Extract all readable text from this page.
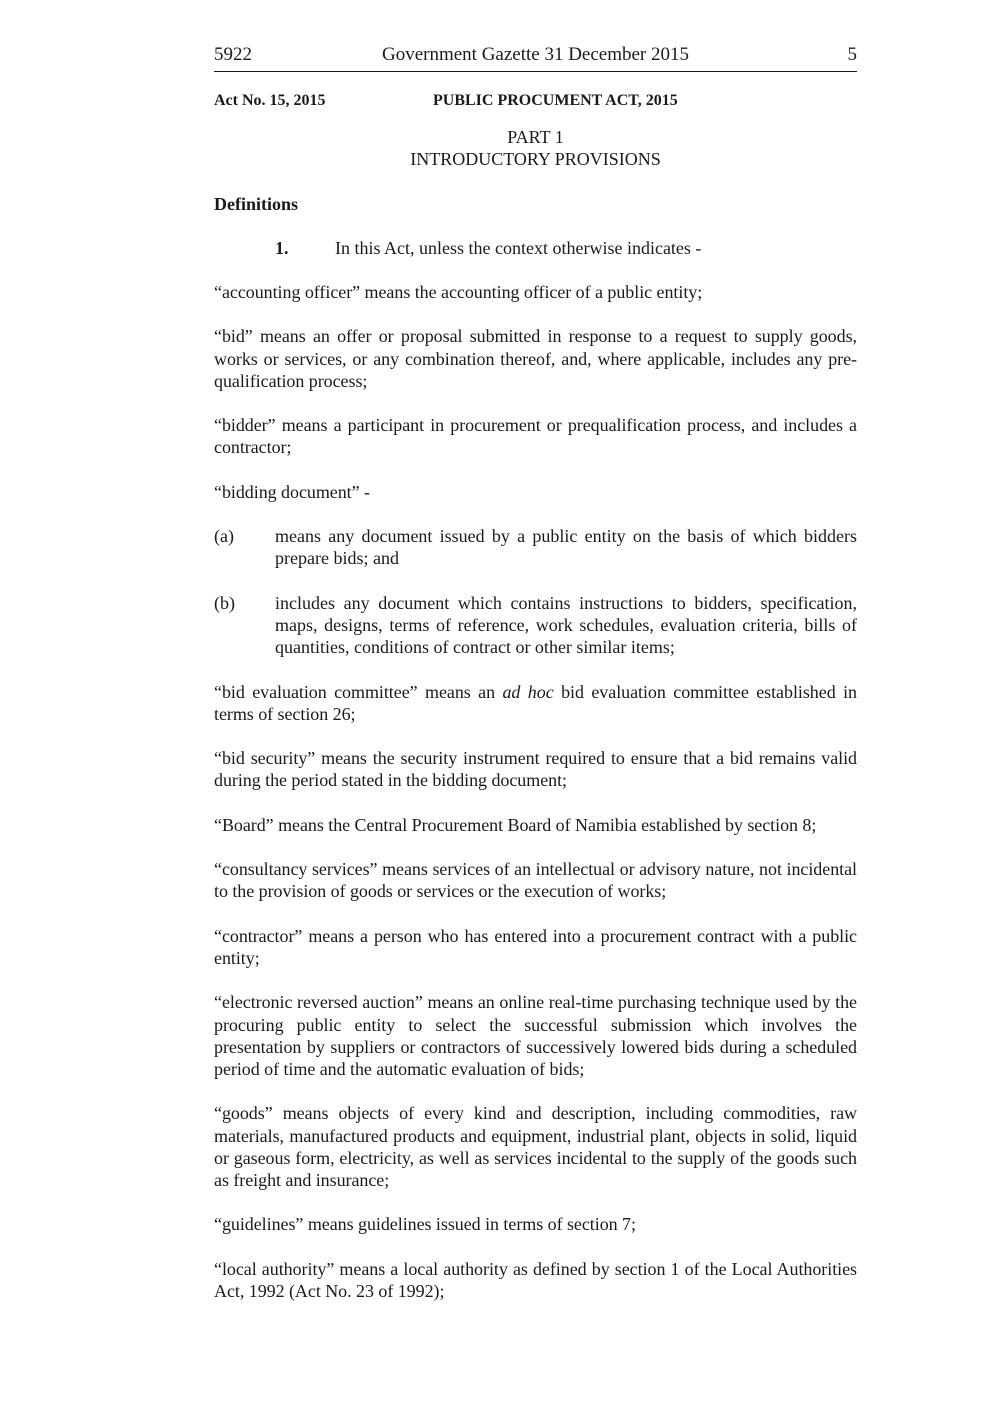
5922	Government Gazette 31 December 2015	5
Act No. 15, 2015	PUBLIC PROCUMENT ACT, 2015
PART 1
INTRODUCTORY PROVISIONS
Definitions
1.	In this Act, unless the context otherwise indicates -

“accounting officer” means the accounting officer of a public entity;

“bid” means an offer or proposal submitted in response to a request to supply goods, works or services, or any combination thereof, and, where applicable, includes any pre-qualification process;

“bidder” means a participant in procurement or prequalification process, and includes a contractor;

“bidding document” -

(a) means any document issued by a public entity on the basis of which bidders prepare bids; and
(b) includes any document which contains instructions to bidders, specification, maps, designs, terms of reference, work schedules, evaluation criteria, bills of quantities, conditions of contract or other similar items;

“bid evaluation committee” means an ad hoc bid evaluation committee established in terms of section 26;

“bid security” means the security instrument required to ensure that a bid remains valid during the period stated in the bidding document;

“Board” means the Central Procurement Board of Namibia established by section 8;

“consultancy services” means services of an intellectual or advisory nature, not incidental to the provision of goods or services or the execution of works;

“contractor” means a person who has entered into a procurement contract with a public entity;

“electronic reversed auction” means an online real-time purchasing technique used by the procuring public entity to select the successful submission which involves the presentation by suppliers or contractors of successively lowered bids during a scheduled period of time and the automatic evaluation of bids;

“goods” means objects of every kind and description, including commodities, raw materials, manufactured products and equipment, industrial plant, objects in solid, liquid or gaseous form, electricity, as well as services incidental to the supply of the goods such as freight and insurance;

“guidelines” means guidelines issued in terms of section 7;

“local authority” means a local authority as defined by section 1 of the Local Authorities Act, 1992 (Act No. 23 of 1992);
